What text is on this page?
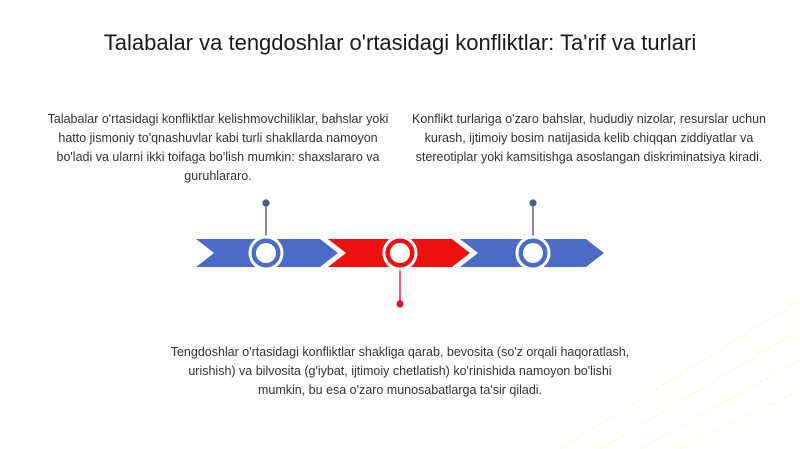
Talabalar va tengdoshlar o'rtasidagi konfliktlar: Ta'rif va turlari
Talabalar o'rtasidagi konfliktlar kelishmovchiliklar, bahslar yoki hatto jismoniy to'qnashuvlar kabi turli shakllarda namoyon bo'ladi va ularni ikki toifaga bo'lish mumkin: shaxslararo va guruhlararo.
Konflikt turlariga o'zaro bahslar, hududiy nizolar, resurslar uchun kurash, ijtimoiy bosim natijasida kelib chiqqan ziddiyatlar va stereotiplar yoki kamsitishga asoslangan diskriminatsiya kiradi.
Tengdoshlar o'rtasidagi konfliktlar shakliga qarab, bevosita (so'z orqali haqoratlash, urishish) va bilvosita (g'iybat, ijtimoiy chetlatish) ko'rinishida namoyon bo'lishi mumkin, bu esa o'zaro munosabatlarga ta'sir qiladi.
